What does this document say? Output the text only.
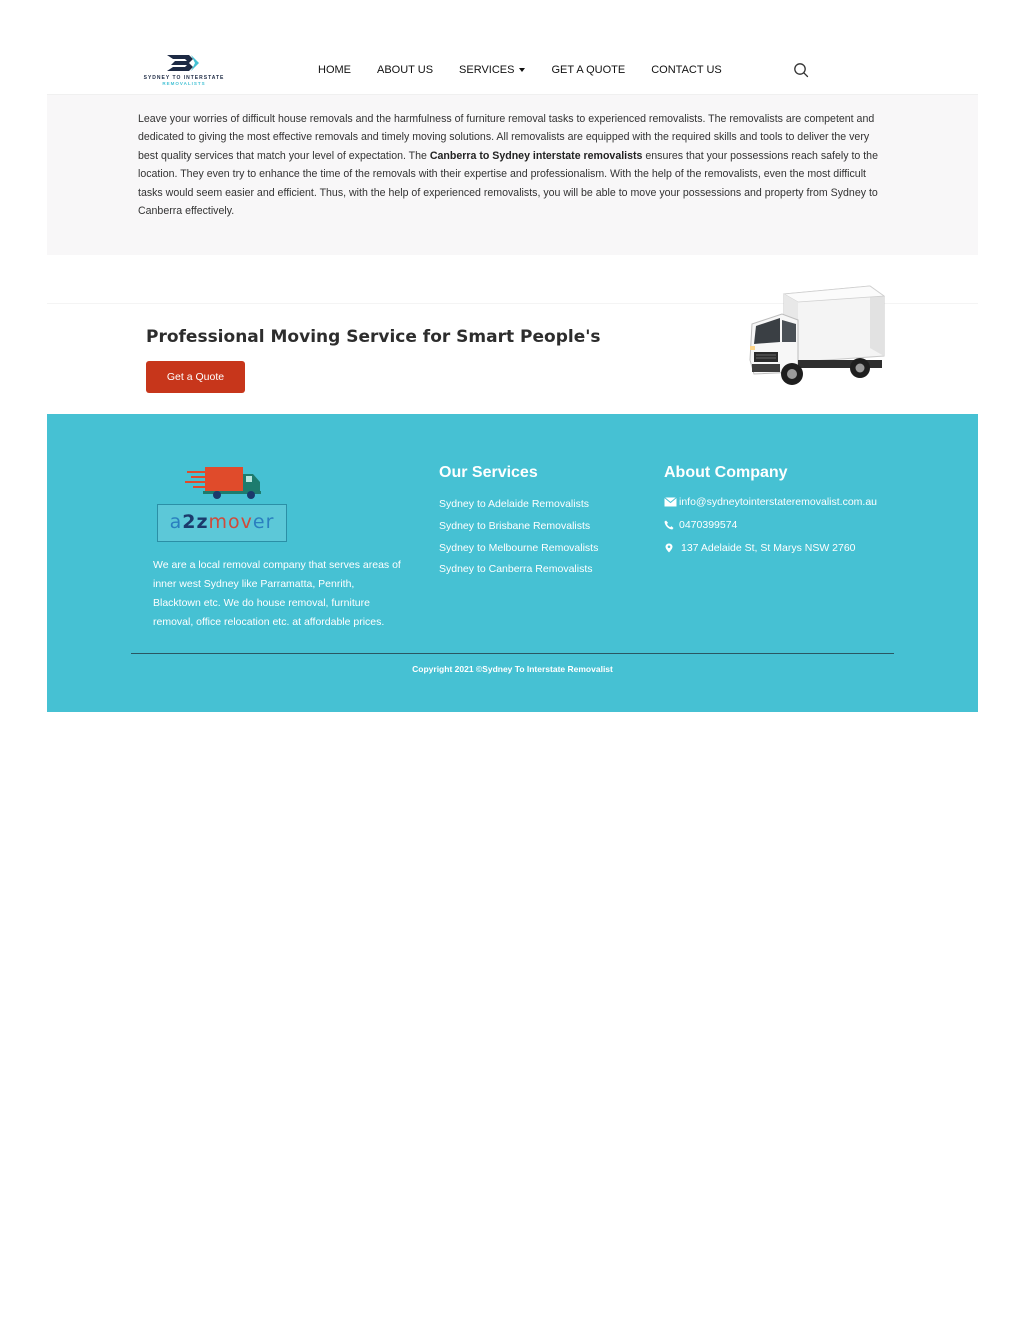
SYDNEY TO INTERSTATE
REMOVALISTS
HOME	ABOUT US	SERVICES	GET A QUOTE	CONTACT US

Leave your worries of difficult house removals and the harmfulness of furniture removal tasks to experienced removalists. The removalists are competent and dedicated to giving the most effective removals and timely moving solutions. All removalists are equipped with the required skills and tools to deliver the very best quality services that match your level of expectation. The Canberra to Sydney interstate removalists ensures that your possessions reach safely to the location. They even try to enhance the time of the removals with their expertise and professionalism. With the help of the removalists, even the most difficult tasks would seem easier and efficient. Thus, with the help of experienced removalists, you will be able to move your possessions and property from Sydney to Canberra effectively.

Professional Moving Service for Smart People's
Get a Quote
a2zmover

We are a local removal company that serves areas of inner west Sydney like Parramatta, Penrith, Blacktown etc. We do house removal, furniture removal, office relocation etc. at affordable prices.

Our Services
Sydney to Adelaide Removalists
Sydney to Brisbane Removalists
Sydney to Melbourne Removalists
Sydney to Canberra Removalists
About Company
info@sydneytointerstateremovalist.com.au
0470399574
137 Adelaide St, St Marys NSW 2760
Copyright 2021 ©Sydney To Interstate Removalist
